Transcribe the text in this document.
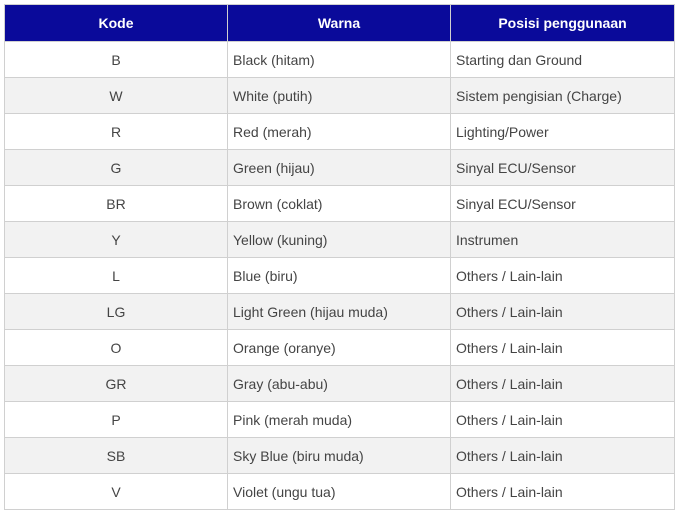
Kode	Warna	Posisi penggunaan
B	Black (hitam)	Starting dan Ground
W	White (putih)	Sistem pengisian (Charge)
R	Red (merah)	Lighting/Power
G	Green (hijau)	Sinyal ECU/Sensor
BR	Brown (coklat)	Sinyal ECU/Sensor
Y	Yellow (kuning)	Instrumen
L	Blue (biru)	Others / Lain-lain
LG	Light Green (hijau muda)	Others / Lain-lain
O	Orange (oranye)	Others / Lain-lain
GR	Gray (abu-abu)	Others / Lain-lain
P	Pink (merah muda)	Others / Lain-lain
SB	Sky Blue (biru muda)	Others / Lain-lain
V	Violet (ungu tua)	Others / Lain-lain
